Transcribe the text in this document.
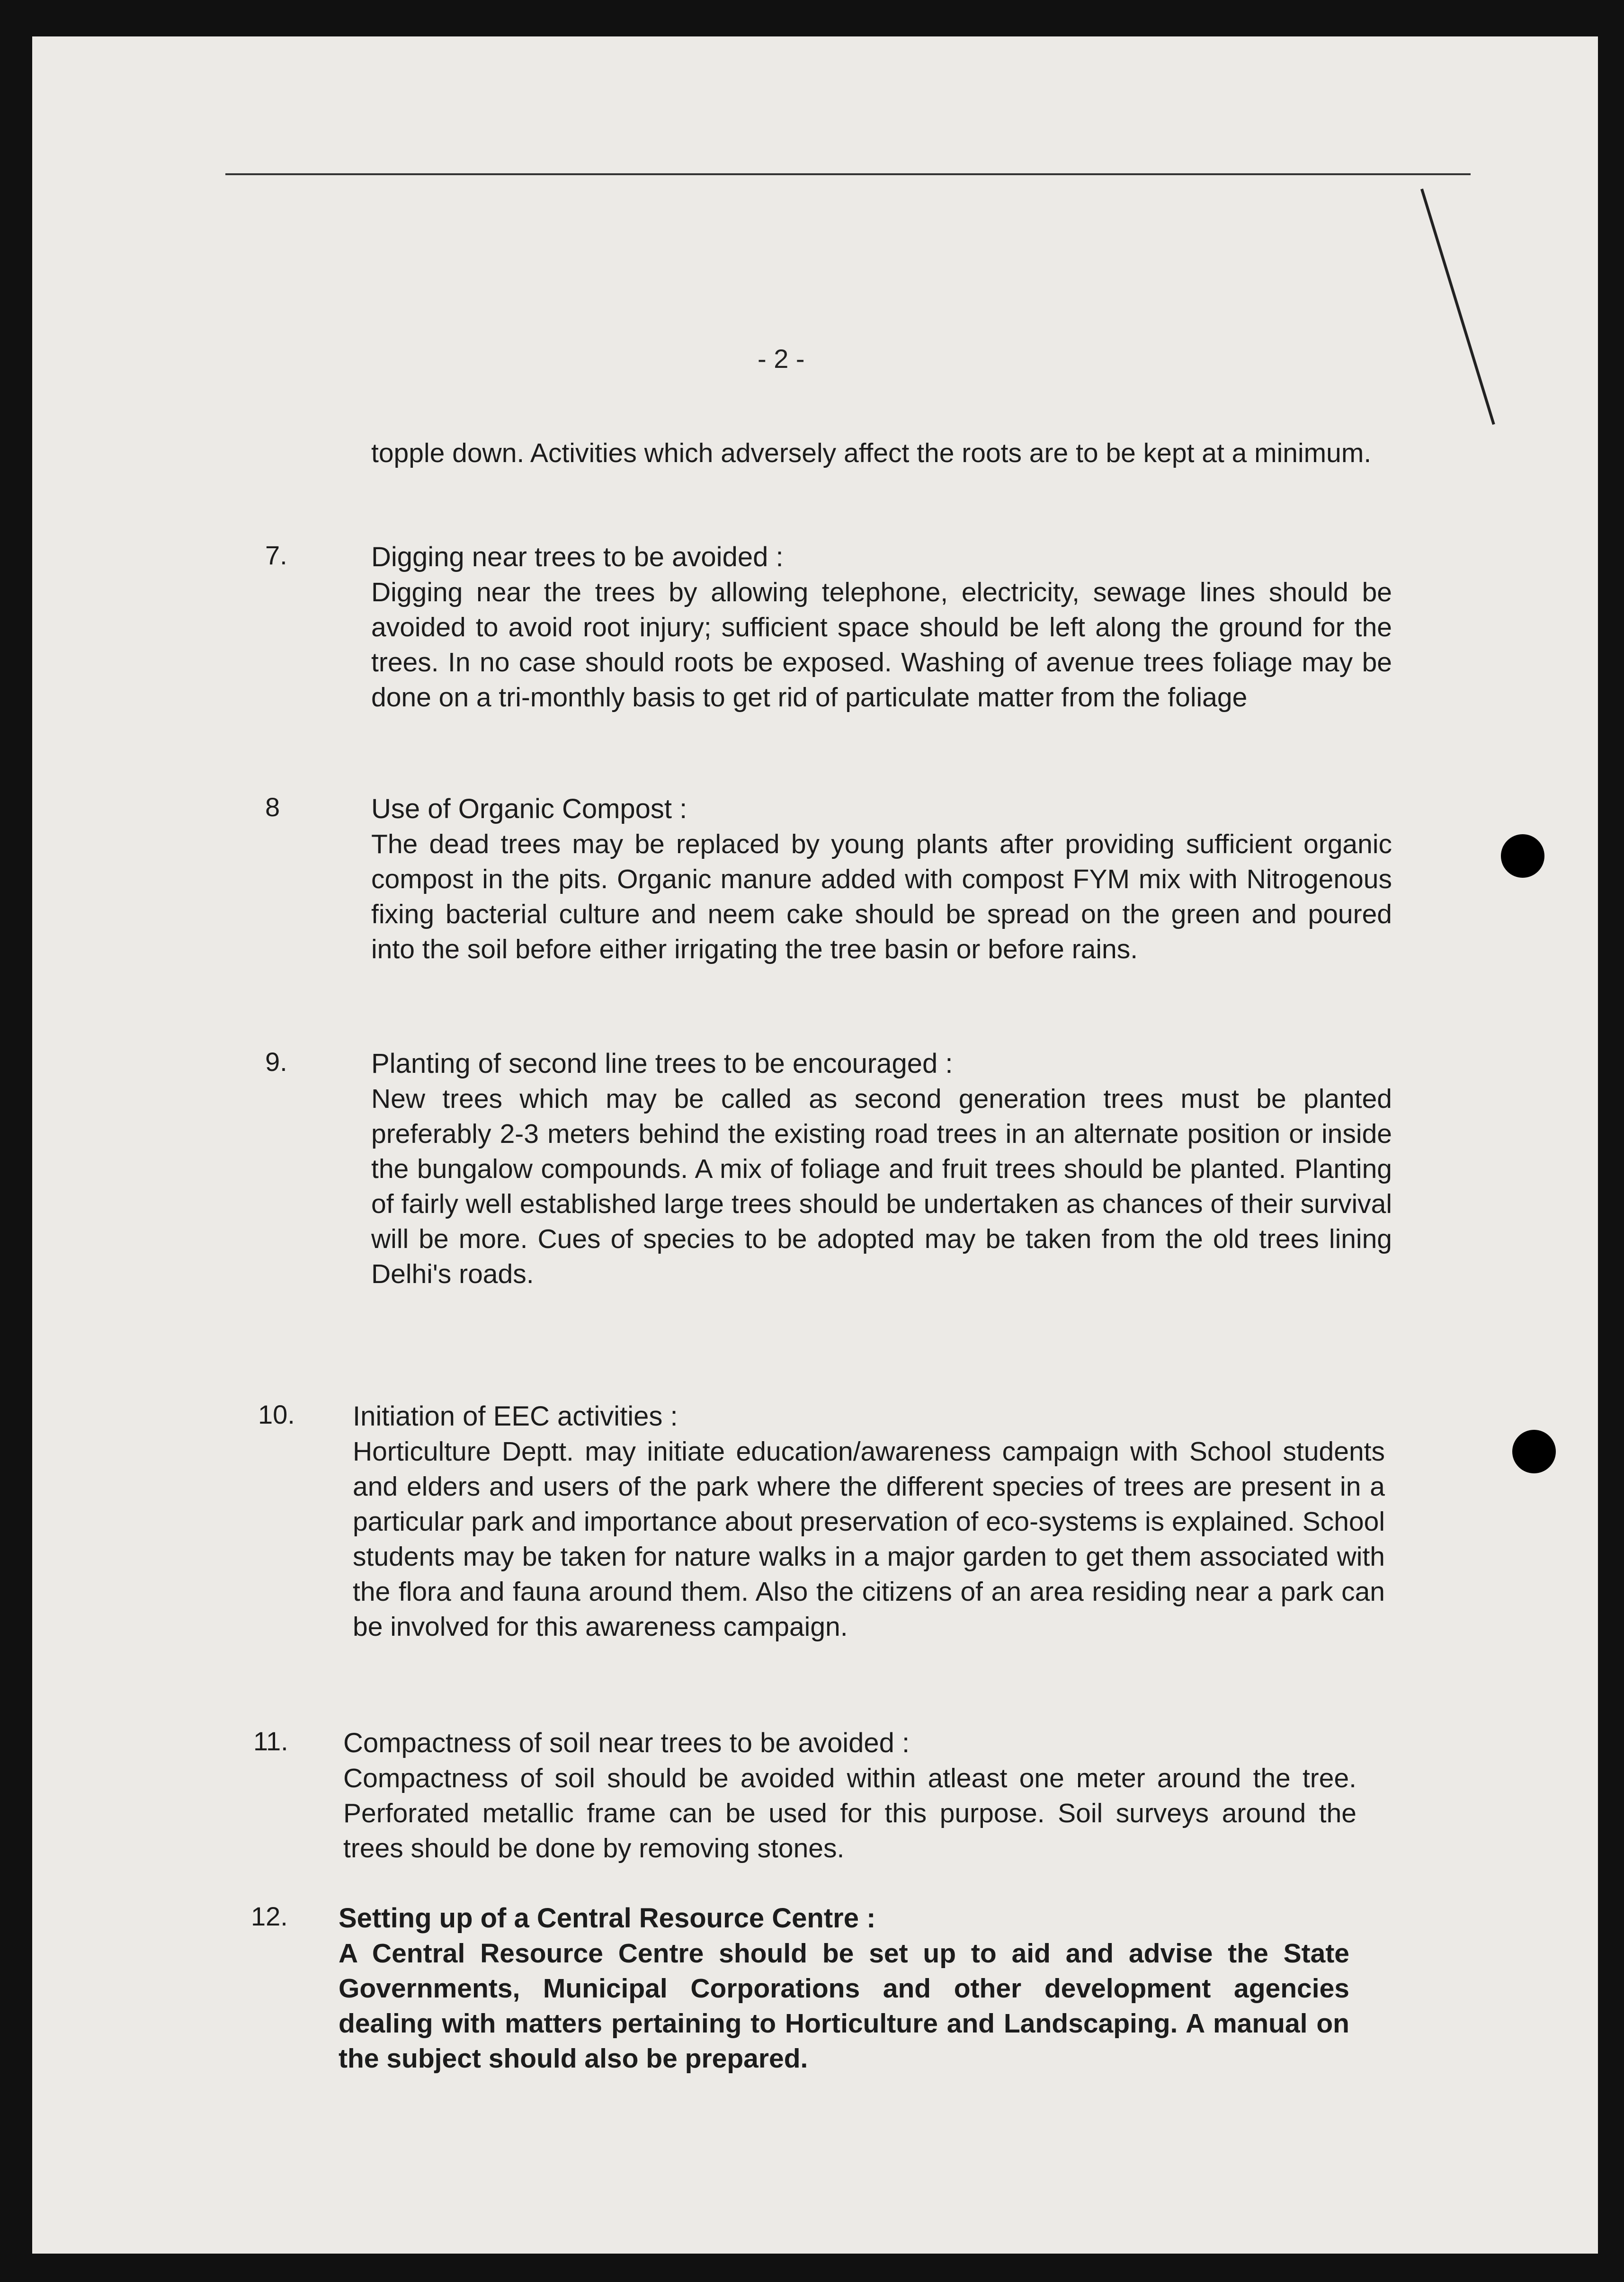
- 2 -
topple down. Activities which adversely affect the roots are to be kept at a minimum.
7.	Digging near trees to be avoided :
Digging near the trees by allowing telephone, electricity, sewage lines should be avoided to avoid root injury; sufficient space should be left along the ground for the trees. In no case should roots be exposed. Washing of avenue trees foliage may be done on a tri-monthly basis to get rid of particulate matter from the foliage
8	Use of Organic Compost :
The dead trees may be replaced by young plants after providing sufficient organic compost in the pits. Organic manure added with compost FYM mix with Nitrogenous fixing bacterial culture and neem cake should be spread on the green and poured into the soil before either irrigating the tree basin or before rains.
9.	Planting of second line trees to be encouraged :
New trees which may be called as second generation trees must be planted preferably 2-3 meters behind the existing road trees in an alternate position or inside the bungalow compounds. A mix of foliage and fruit trees should be planted. Planting of fairly well established large trees should be undertaken as chances of their survival will be more. Cues of species to be adopted may be taken from the old trees lining Delhi's roads.
10. Initiation of EEC activities :
Horticulture Deptt. may initiate education/awareness campaign with School students and elders and users of the park where the different species of trees are present in a particular park and importance about preservation of eco-systems is explained. School students may be taken for nature walks in a major garden to get them associated with the flora and fauna around them. Also the citizens of an area residing near a park can be involved for this awareness campaign.
11. Compactness of soil near trees to be avoided :
Compactness of soil should be avoided within atleast one meter around the tree. Perforated metallic frame can be used for this purpose. Soil surveys around the trees should be done by removing stones.
12. Setting up of a Central Resource Centre :
A Central Resource Centre should be set up to aid and advise the State Governments, Municipal Corporations and other development agencies dealing with matters pertaining to Horticulture and Landscaping. A manual on the subject should also be prepared.
